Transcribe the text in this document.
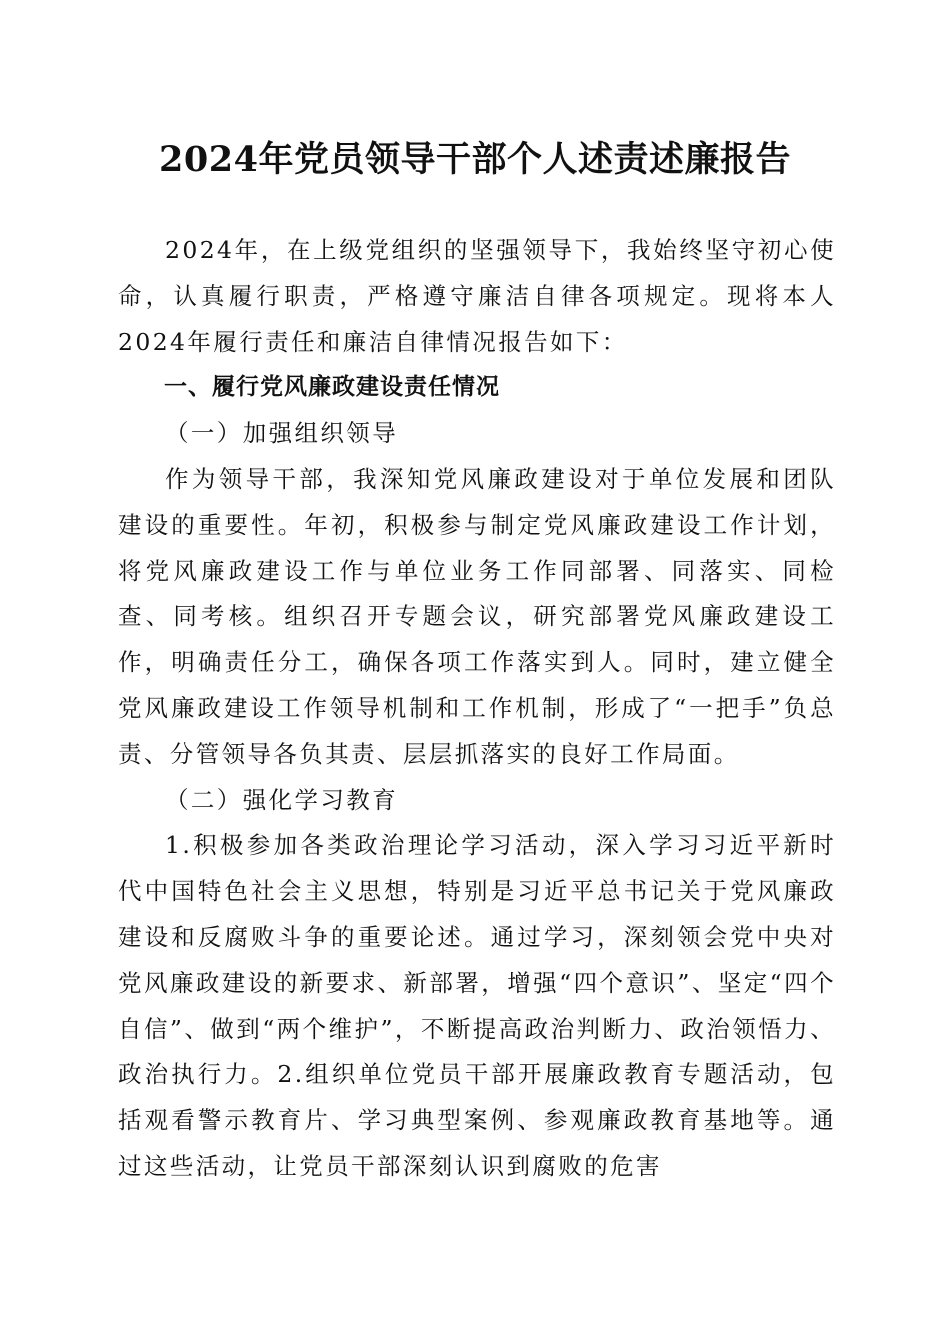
2024年党员领导干部个人述责述廉报告

2024年，在上级党组织的坚强领导下，我始终坚守初心使命，认真履行职责，严格遵守廉洁自律各项规定。现将本人2024年履行责任和廉洁自律情况报告如下：

一、履行党风廉政建设责任情况

（一）加强组织领导

作为领导干部，我深知党风廉政建设对于单位发展和团队建设的重要性。年初，积极参与制定党风廉政建设工作计划，将党风廉政建设工作与单位业务工作同部署、同落实、同检查、同考核。组织召开专题会议，研究部署党风廉政建设工作，明确责任分工，确保各项工作落实到人。同时，建立健全党风廉政建设工作领导机制和工作机制，形成了“一把手”负总责、分管领导各负其责、层层抓落实的良好工作局面。

（二）强化学习教育

1.积极参加各类政治理论学习活动，深入学习习近平新时代中国特色社会主义思想，特别是习近平总书记关于党风廉政建设和反腐败斗争的重要论述。通过学习，深刻领会党中央对党风廉政建设的新要求、新部署，增强“四个意识”、坚定“四个自信”、做到“两个维护”，不断提高政治判断力、政治领悟力、政治执行力。2.组织单位党员干部开展廉政教育专题活动，包括观看警示教育片、学习典型案例、参观廉政教育基地等。通过这些活动，让党员干部深刻认识到腐败的危害
